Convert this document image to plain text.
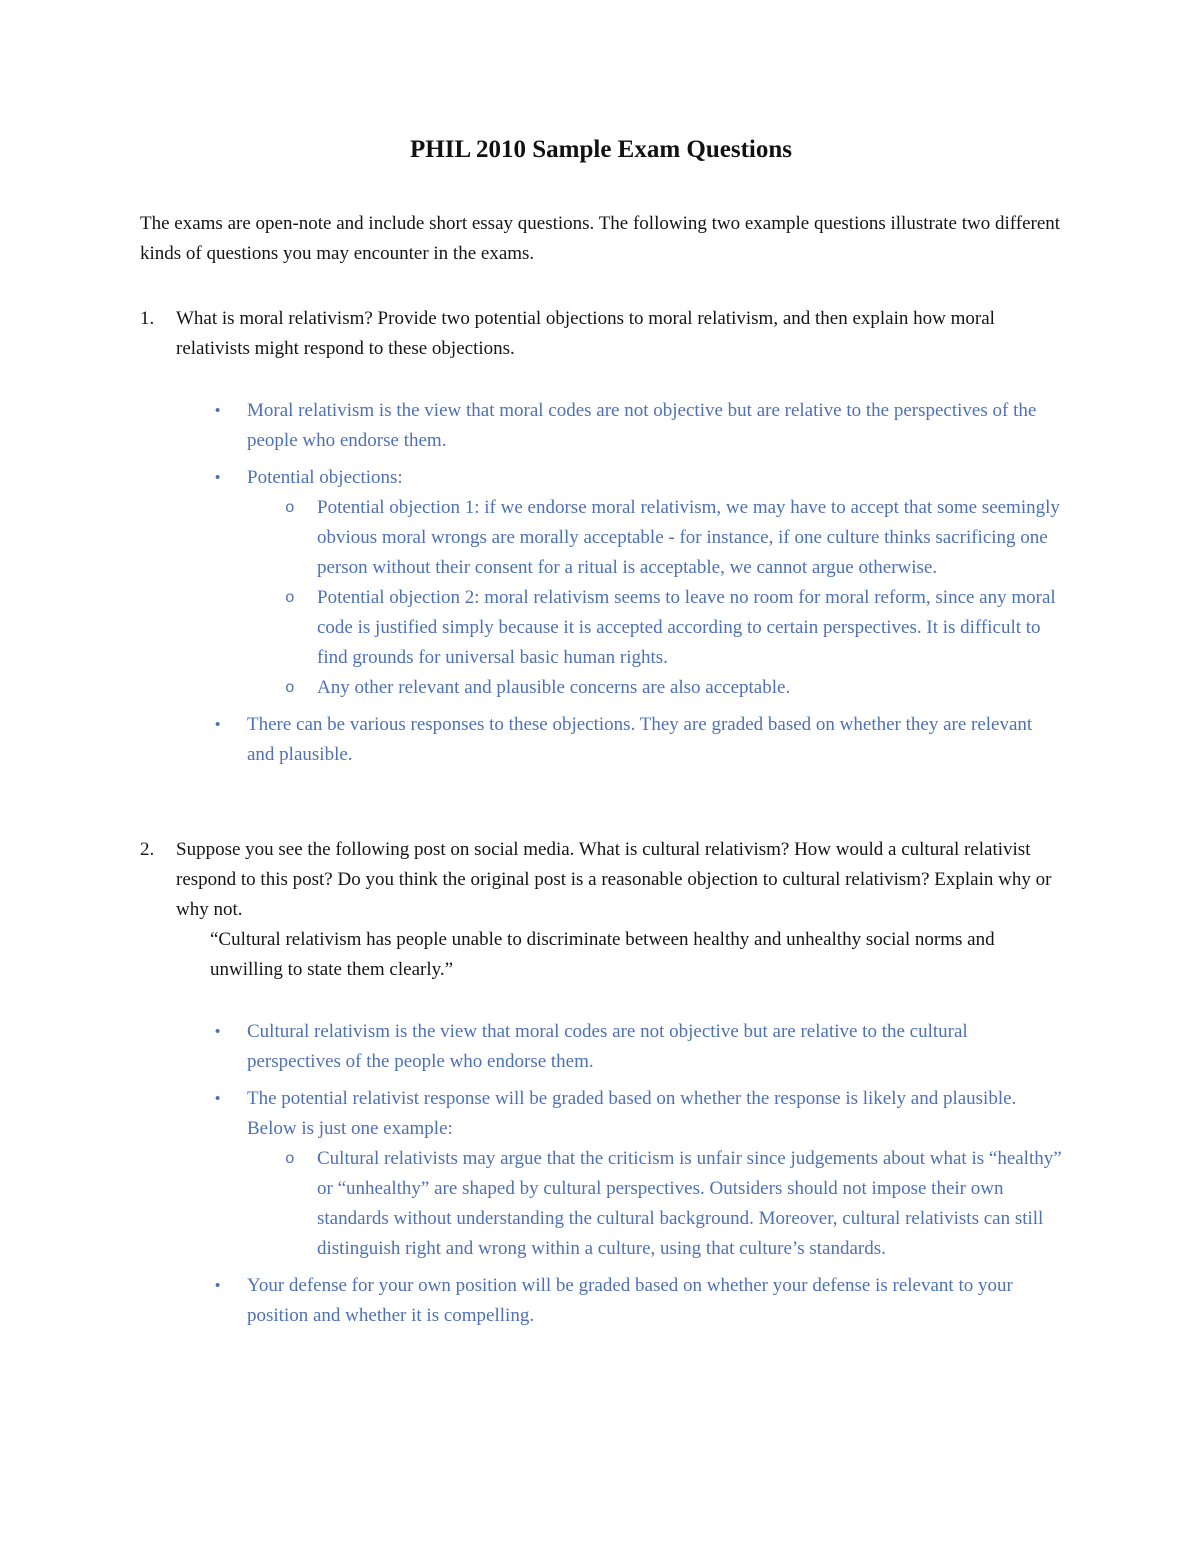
PHIL 2010 Sample Exam Questions

The exams are open-note and include short essay questions. The following two example questions illustrate two different kinds of questions you may encounter in the exams.

1.	What is moral relativism? Provide two potential objections to moral relativism, and then explain how moral relativists might respond to these objections.
•	Moral relativism is the view that moral codes are not objective but are relative to the perspectives of the people who endorse them.
•	Potential objections:
o	Potential objection 1: if we endorse moral relativism, we may have to accept that some seemingly obvious moral wrongs are morally acceptable - for instance, if one culture thinks sacrificing one person without their consent for a ritual is acceptable, we cannot argue otherwise.
o	Potential objection 2: moral relativism seems to leave no room for moral reform, since any moral code is justified simply because it is accepted according to certain perspectives. It is difficult to find grounds for universal basic human rights.
o	Any other relevant and plausible concerns are also acceptable.
•	There can be various responses to these objections. They are graded based on whether they are relevant and plausible.
2.	Suppose you see the following post on social media. What is cultural relativism? How would a cultural relativist respond to this post? Do you think the original post is a reasonable objection to cultural relativism? Explain why or why not.
“Cultural relativism has people unable to discriminate between healthy and unhealthy social norms and unwilling to state them clearly.”
•	Cultural relativism is the view that moral codes are not objective but are relative to the cultural perspectives of the people who endorse them.
•	The potential relativist response will be graded based on whether the response is likely and plausible. Below is just one example:
o	Cultural relativists may argue that the criticism is unfair since judgements about what is “healthy” or “unhealthy” are shaped by cultural perspectives. Outsiders should not impose their own standards without understanding the cultural background. Moreover, cultural relativists can still distinguish right and wrong within a culture, using that culture’s standards.
•	Your defense for your own position will be graded based on whether your defense is relevant to your position and whether it is compelling.
